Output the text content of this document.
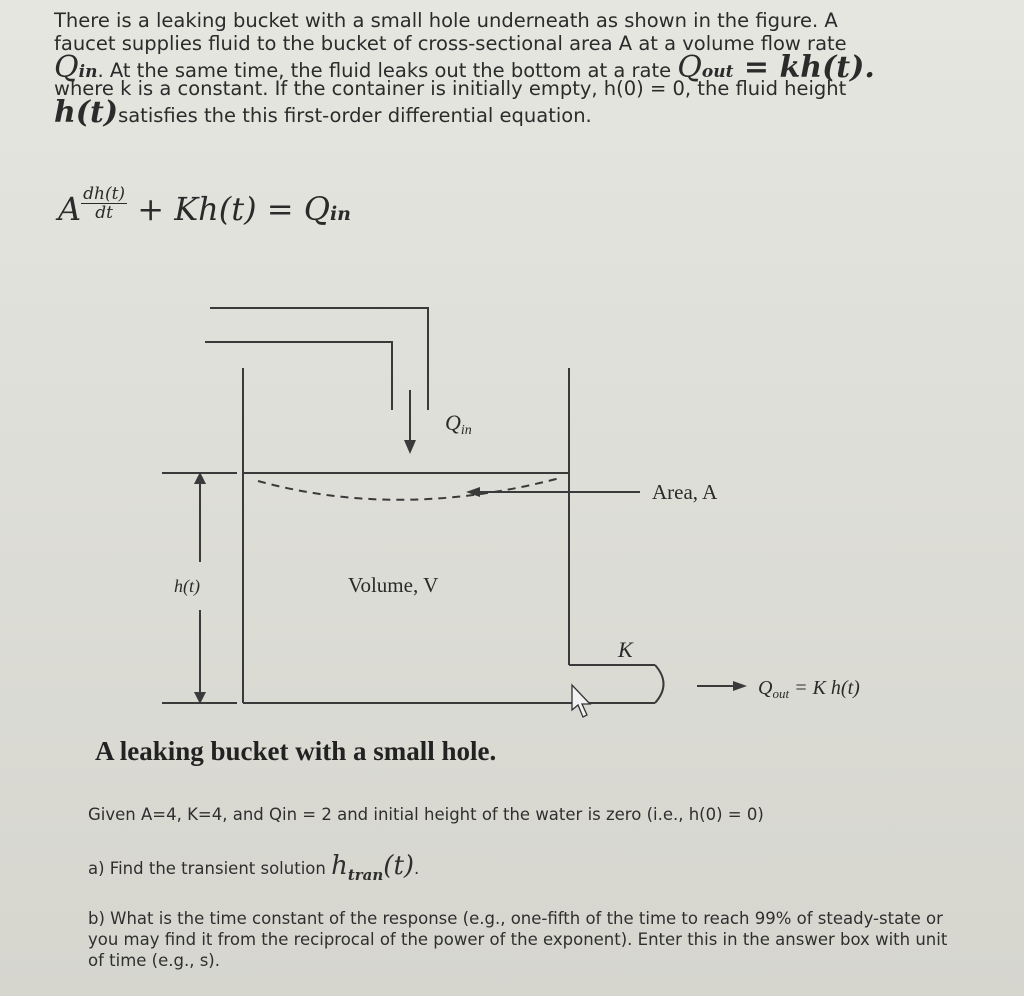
There is a leaking bucket with a small hole underneath as shown in the figure. A
faucet supplies fluid to the bucket of cross-sectional area A at a volume flow rate
Qin. At the same time, the fluid leaks out the bottom at a rate Qout = kh(t).
where k is a constant. If the container is initially empty, h(0) = 0, the fluid height
h(t)satisfies the this first-order differential equation.
A $\frac{dh(t)}{dt} + Kh(t)$ = Qin
Qin
h(t)
K
$Q_{out} = K$ h(t)
Area, A
Volume, V
A leaking bucket with a small hole.

Given A=4, K=4, and Qin = 2 and initial height of the water is zero (i.e., h(0) = 0)

a) Find the transient solution $h_{tran}(t)$.

b) What is the time constant of the response (e.g., one-fifth of the time to reach 99% of steady-state or you may find it from the reciprocal of the power of the exponent). Enter this in the answer box with unit of time (e.g., s).
